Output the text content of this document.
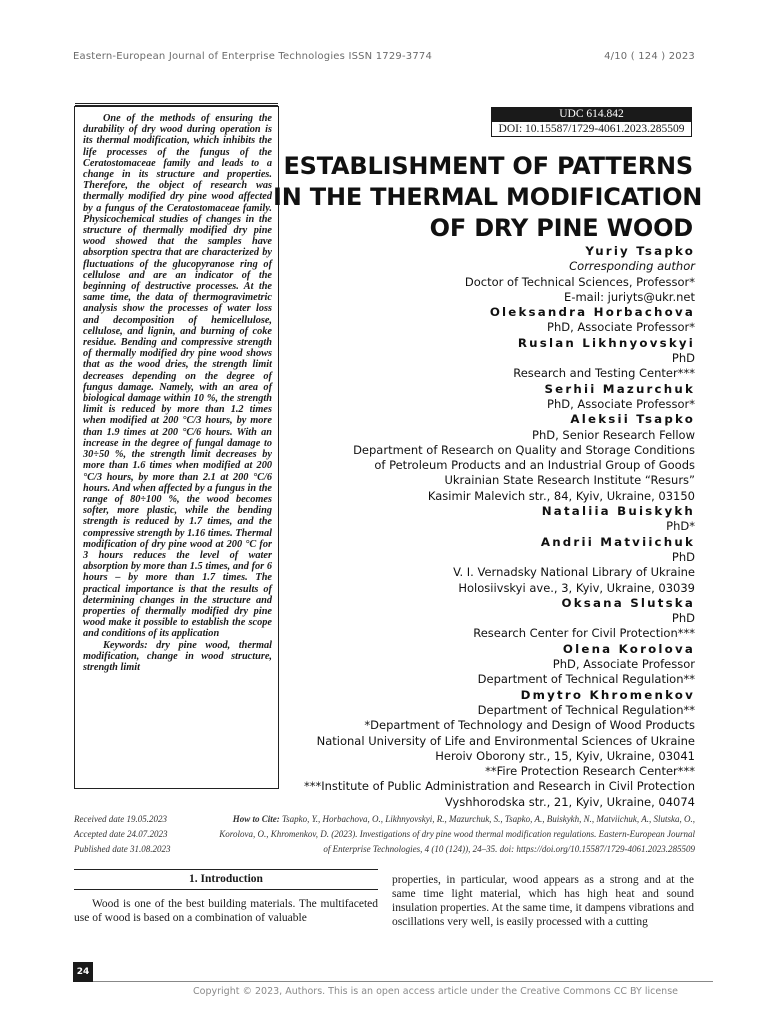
Eastern-European Journal of Enterprise Technologies ISSN 1729-3774	4/10 ( 124 ) 2023

One of the methods of ensuring the durability of dry wood during operation is its thermal modification, which inhibits the life processes of the fungus of the Ceratostomaceae family and leads to a change in its structure and properties. Therefore, the object of research was thermally modified dry pine wood affected by a fungus of the Ceratostomaceae family. Physicochemical studies of changes in the structure of thermally modified dry pine wood showed that the samples have absorption spectra that are characterized by fluctuations of the glucopyranose ring of cellulose and are an indicator of the beginning of destructive processes. At the same time, the data of thermogravimetric analysis show the processes of water loss and decomposition of hemicellulose, cellulose, and lignin, and burning of coke residue. Bending and compressive strength of thermally modified dry pine wood shows that as the wood dries, the strength limit decreases depending on the degree of fungus damage. Namely, with an area of biological damage within 10 %, the strength limit is reduced by more than 1.2 times when modified at 200 °C/3 hours, by more than 1.9 times at 200 °C/6 hours. With an increase in the degree of fungal damage to 30÷50 %, the strength limit decreases by more than 1.6 times when modified at 200 °C/3 hours, by more than 2.1 at 200 °C/6 hours. And when affected by a fungus in the range of 80÷100 %, the wood becomes softer, more plastic, while the bending strength is reduced by 1.7 times, and the compressive strength by 1.16 times. Thermal modification of dry pine wood at 200 °C for 3 hours reduces the level of water absorption by more than 1.5 times, and for 6 hours – by more than 1.7 times. The practical importance is that the results of determining changes in the structure and properties of thermally modified dry pine wood make it possible to establish the scope and conditions of its application

Keywords: dry pine wood, thermal modification, change in wood structure, strength limit

UDC 614.842
DOI: 10.15587/1729-4061.2023.285509
ESTABLISHMENT OF PATTERNS
IN THE THERMAL MODIFICATION
OF DRY PINE WOOD
Yuriy Tsapko
Corresponding author
Doctor of Technical Sciences, Professor*
E-mail: juriyts@ukr.net
Oleksandra Horbachova
PhD, Associate Professor*
Ruslan Likhnyovskyi
PhD
Research and Testing Center***
Serhii Mazurchuk
PhD, Associate Professor*
Aleksii Tsapko
PhD, Senior Research Fellow
Department of Research on Quality and Storage Conditions
of Petroleum Products and an Industrial Group of Goods
Ukrainian State Research Institute “Resurs”
Kasimir Malevich str., 84, Kyiv, Ukraine, 03150
Nataliia Buiskykh
PhD*
Andrii Matviichuk
PhD
V. I. Vernadsky National Library of Ukraine
Holosiivskyi ave., 3, Kyiv, Ukraine, 03039
Oksana Slutska
PhD
Research Center for Civil Protection***
Olena Korolova
PhD, Associate Professor
Department of Technical Regulation**
Dmytro Khromenkov
Department of Technical Regulation**
*Department of Technology and Design of Wood Products
National University of Life and Environmental Sciences of Ukraine
Heroiv Oborony str., 15, Kyiv, Ukraine, 03041
**Fire Protection Research Center***
***Institute of Public Administration and Research in Civil Protection
Vyshhorodska str., 21, Kyiv, Ukraine, 04074
Received date 19.05.2023
Accepted date 24.07.2023
Published date 31.08.2023
How to Cite: Tsapko, Y., Horbachova, O., Likhnyovskyi, R., Mazurchuk, S., Tsapko, A., Buiskykh, N., Matviichuk, A., Slutska, O., Korolova, O., Khromenkov, D. (2023). Investigations of dry pine wood thermal modification regulations. Eastern-European Journal of Enterprise Technologies, 4 (10 (124)), 24–35. doi: https://doi.org/10.15587/1729-4061.2023.285509
1. Introduction

Wood is one of the best building materials. The multifaceted use of wood is based on a combination of valuable

properties, in particular, wood appears as a strong and at the same time light material, which has high heat and sound insulation properties. At the same time, it dampens vibrations and oscillations very well, is easily processed with a cutting

24
Copyright © 2023, Authors. This is an open access article under the Creative Commons CC BY license
